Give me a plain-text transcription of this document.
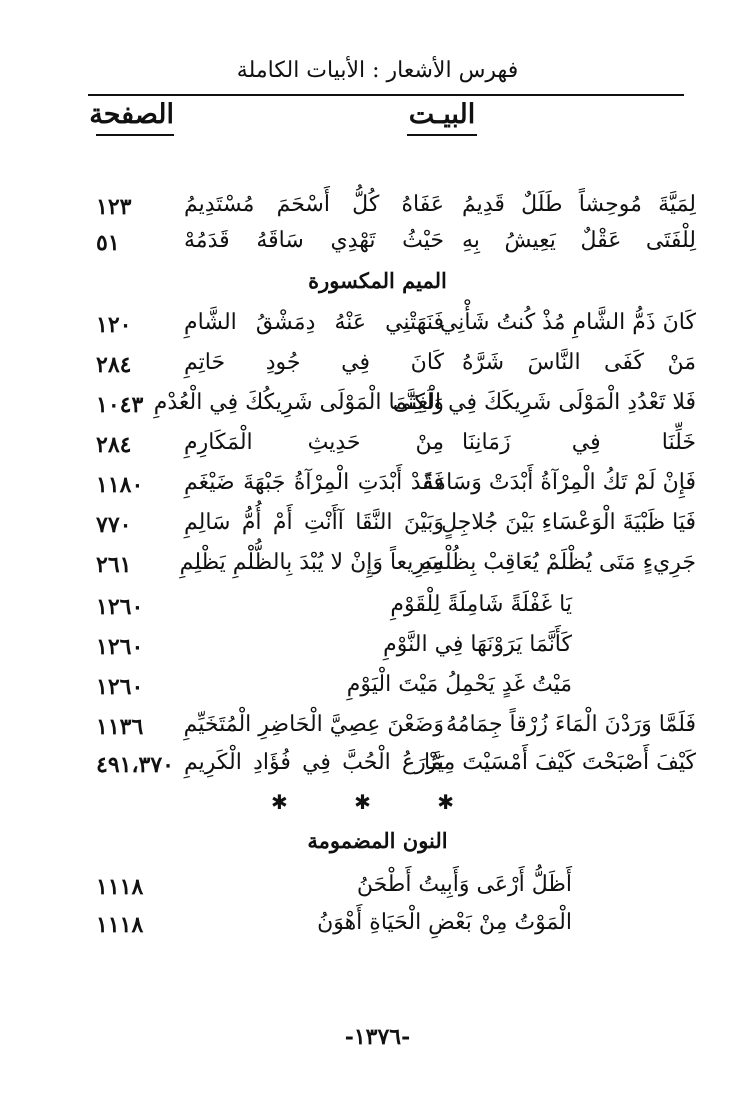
فهرس الأشعار : الأبيات الكاملة
البيـت
الصفحة
لِمَيَّةَ مُوحِشاً طَلَلٌ قَدِيمُ
عَفَاهُ كُلُّ أَسْحَمَ مُسْتَدِيمُ
١٢٣
لِلْفَتَى عَقْلٌ يَعِيشُ بِهِ
حَيْثُ تَهْدِي سَاقَهُ قَدَمُهْ
٥١
الميم المكسورة
كَانَ ذَمُّ الشَّامِ مُذْ كُنتُ شَأْنِي
فَنَهَتْنِي عَنْهُ دِمَشْقُ الشَّامِ
١٢٠
مَنْ كَفَى النَّاسَ شَرَّهُ
كَانَ فِي جُودِ حَاتِمِ
٢٨٤
فَلا تَعْدُدِ الْمَوْلَى شَرِيكَكَ فِي الْغِنَى
وَلَكِنَّمَا الْمَوْلَى شَرِيكُكَ فِي الْعُدْمِ
١٠٤٣
خَلِّنَا فِي زَمَانِنَا
مِنْ حَدِيثِ الْمَكَارِمِ
٢٨٤
فَإِنْ لَمْ تَكُ الْمِرْآةُ أَبْدَتْ وَسَامَةً
فَقَدْ أَبْدَتِ الْمِرْآةُ جَبْهَةَ ضَيْغَمِ
١١٨٠
فَيَا ظَبْيَةَ الْوَعْسَاءِ بَيْنَ جُلاجِلٍ
وَبَيْنَ النَّقَا آأَنْتِ أَمْ أُمُّ سَالِمِ
٧٧٠
جَرِيءٍ مَتَى يُظْلَمْ يُعَاقِبْ بِظُلْمِهِ
سَرِيعاً وَإِنْ لا يُبْدَ بِالظُّلْمِ يَظْلِمِ
٢٦١
يَا غَفْلَةً شَامِلَةً لِلْقَوْمِ
١٢٦٠
كَأَنَّمَا يَرَوْنَهَا فِي النَّوْمِ
١٢٦٠
مَيْتُ غَدٍ يَحْمِلُ مَيْتَ الْيَوْمِ
١٢٦٠
فَلَمَّا وَرَدْنَ الْمَاءَ زُرْقاً جِمَامُهُ
وَضَعْنَ عِصِيَّ الْحَاضِرِ الْمُتَخَيِّمِ
١١٣٦
كَيْفَ أَصْبَحْتَ كَيْفَ أَمْسَيْتَ مِمَّا
يَزْرَعُ الْحُبَّ فِي فُؤَادِ الْكَرِيمِ
٤٩١،٣٧٠
✱ ✱ ✱
النون المضمومة
أَظَلُّ أَرْعَى وَأَبِيتُ أَطْحَنُ
١١١٨
الْمَوْتُ مِنْ بَعْضِ الْحَيَاةِ أَهْوَنُ
١١١٨
-١٣٧٦-
